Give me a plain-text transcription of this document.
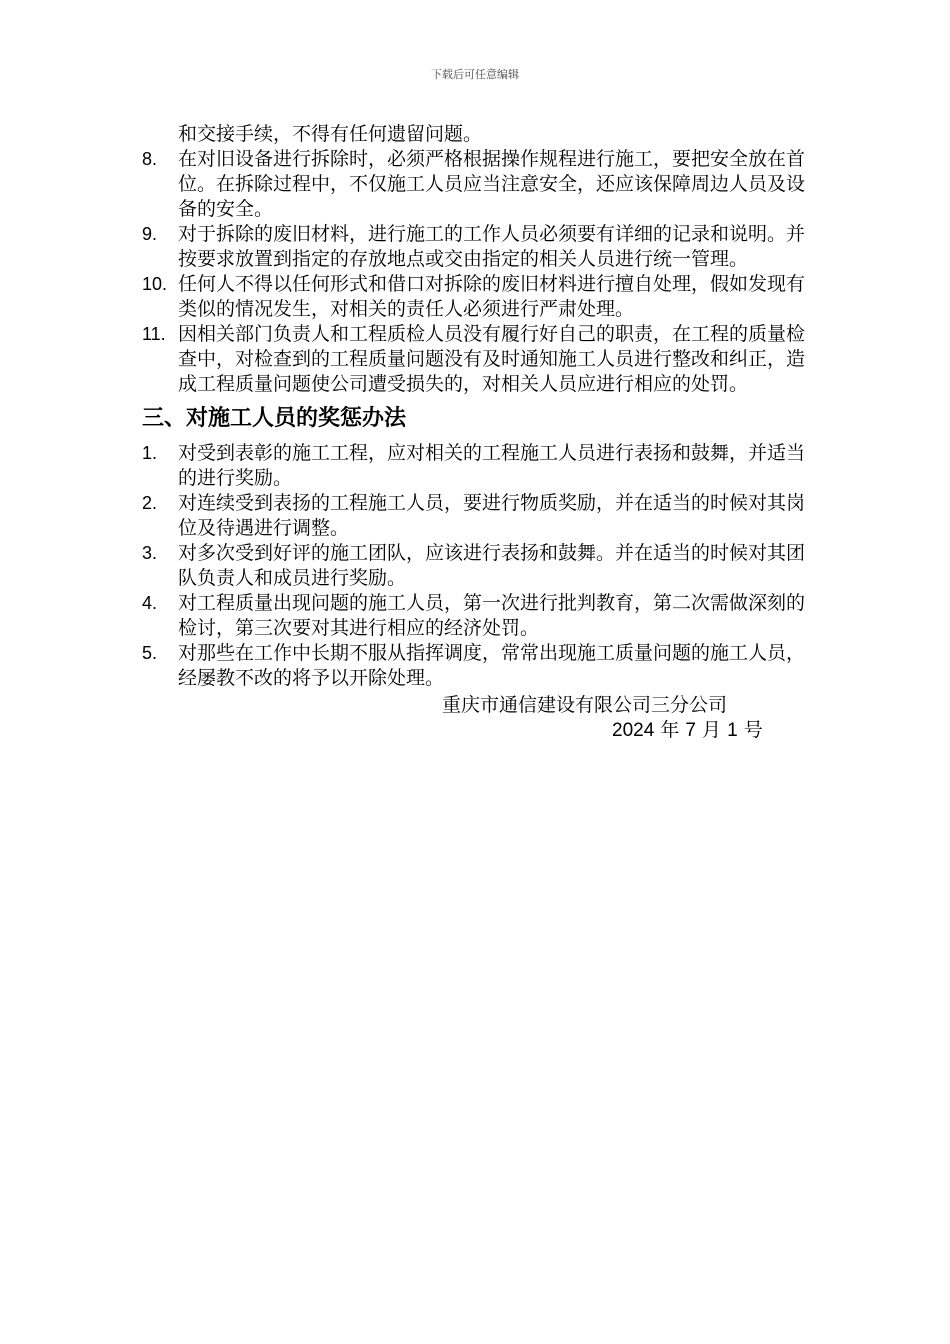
下载后可任意编辑

和交接手续，不得有任何遗留问题。

8. 在对旧设备进行拆除时，必须严格根据操作规程进行施工，要把安全放在首位。在拆除过程中，不仅施工人员应当注意安全，还应该保障周边人员及设备的安全。

9. 对于拆除的废旧材料，进行施工的工作人员必须要有详细的记录和说明。并按要求放置到指定的存放地点或交由指定的相关人员进行统一管理。

10. 任何人不得以任何形式和借口对拆除的废旧材料进行擅自处理，假如发现有类似的情况发生，对相关的责任人必须进行严肃处理。

11. 因相关部门负责人和工程质检人员没有履行好自己的职责，在工程的质量检查中，对检查到的工程质量问题没有及时通知施工人员进行整改和纠正，造成工程质量问题使公司遭受损失的，对相关人员应进行相应的处罚。

三、对施工人员的奖惩办法

1. 对受到表彰的施工工程，应对相关的工程施工人员进行表扬和鼓舞，并适当的进行奖励。

2. 对连续受到表扬的工程施工人员，要进行物质奖励，并在适当的时候对其岗位及待遇进行调整。

3. 对多次受到好评的施工团队，应该进行表扬和鼓舞。并在适当的时候对其团队负责人和成员进行奖励。

4. 对工程质量出现问题的施工人员，第一次进行批判教育，第二次需做深刻的检讨，第三次要对其进行相应的经济处罚。

5. 对那些在工作中长期不服从指挥调度，常常出现施工质量问题的施工人员，经屡教不改的将予以开除处理。

重庆市通信建设有限公司三分公司

2024 年 7 月 1 号
